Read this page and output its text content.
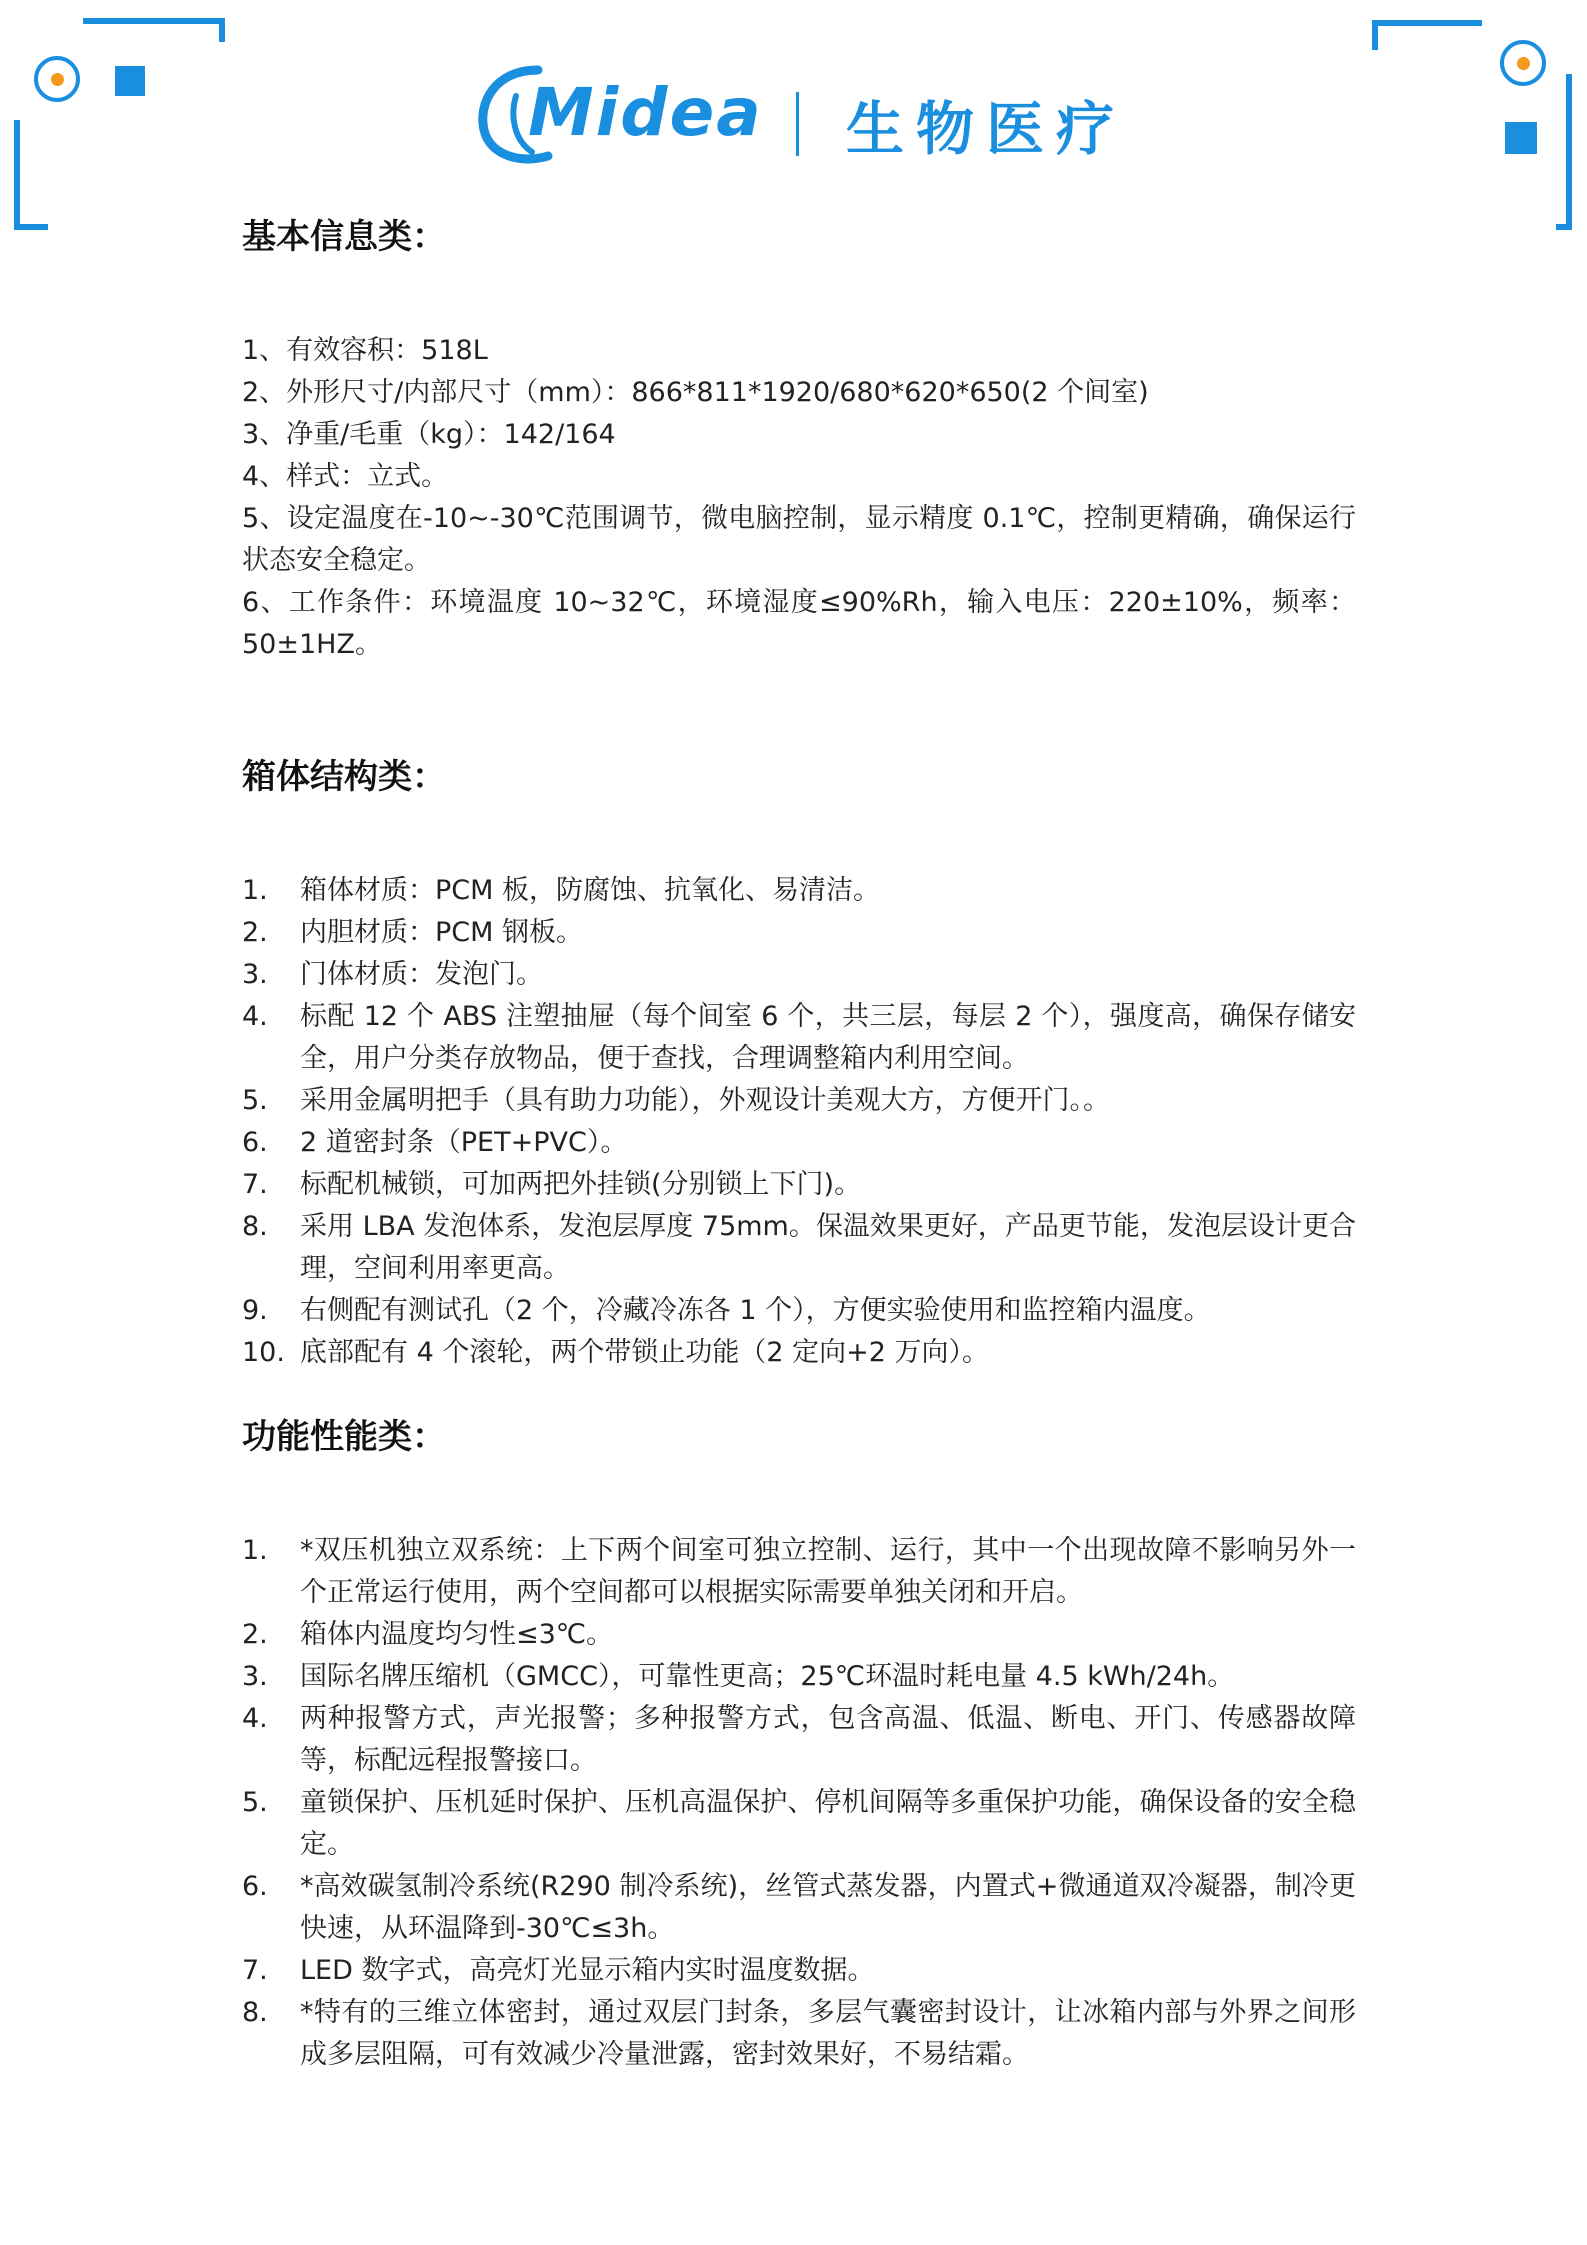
Midea 生物医疗
基本信息类：
1、有效容积：518L
2、外形尺寸/内部尺寸（mm）：866*811*1920/680*620*650(2 个间室)
3、净重/毛重（kg）：142/164
4、样式：立式。
5、设定温度在-10~-30℃范围调节，微电脑控制，显示精度 0.1℃，控制更精确，确保运行状态安全稳定。
6、工作条件：环境温度 10~32℃，环境湿度≤90%Rh，输入电压：220±10%，频率：50±1HZ。
箱体结构类：
1.	箱体材质：PCM 板，防腐蚀、抗氧化、易清洁。
2.	内胆材质：PCM 钢板。
3.	门体材质：发泡门。
4.	标配 12 个 ABS 注塑抽屉（每个间室 6 个，共三层，每层 2 个），强度高，确保存储安全，用户分类存放物品，便于查找，合理调整箱内利用空间。
5.	采用金属明把手（具有助力功能），外观设计美观大方，方便开门。。
6.	2 道密封条（PET+PVC）。
7.	标配机械锁，可加两把外挂锁(分别锁上下门)。
8.	采用 LBA 发泡体系，发泡层厚度 75mm。保温效果更好，产品更节能，发泡层设计更合理，空间利用率更高。
9.	右侧配有测试孔（2 个，冷藏冷冻各 1 个），方便实验使用和监控箱内温度。
10. 底部配有 4 个滚轮，两个带锁止功能（2 定向+2 万向）。
功能性能类：
1.	*双压机独立双系统：上下两个间室可独立控制、运行，其中一个出现故障不影响另外一个正常运行使用，两个空间都可以根据实际需要单独关闭和开启。
2.	箱体内温度均匀性≤3℃。
3.	国际名牌压缩机（GMCC），可靠性更高；25℃环温时耗电量 4.5 kWh/24h。
4.	两种报警方式，声光报警；多种报警方式，包含高温、低温、断电、开门、传感器故障等，标配远程报警接口。
5.	童锁保护、压机延时保护、压机高温保护、停机间隔等多重保护功能，确保设备的安全稳定。
6.	*高效碳氢制冷系统(R290 制冷系统)，丝管式蒸发器，内置式+微通道双冷凝器，制冷更快速，从环温降到-30℃≤3h。
7.	LED 数字式，高亮灯光显示箱内实时温度数据。
8.	*特有的三维立体密封，通过双层门封条，多层气囊密封设计，让冰箱内部与外界之间形成多层阻隔，可有效减少冷量泄露，密封效果好，不易结霜。
